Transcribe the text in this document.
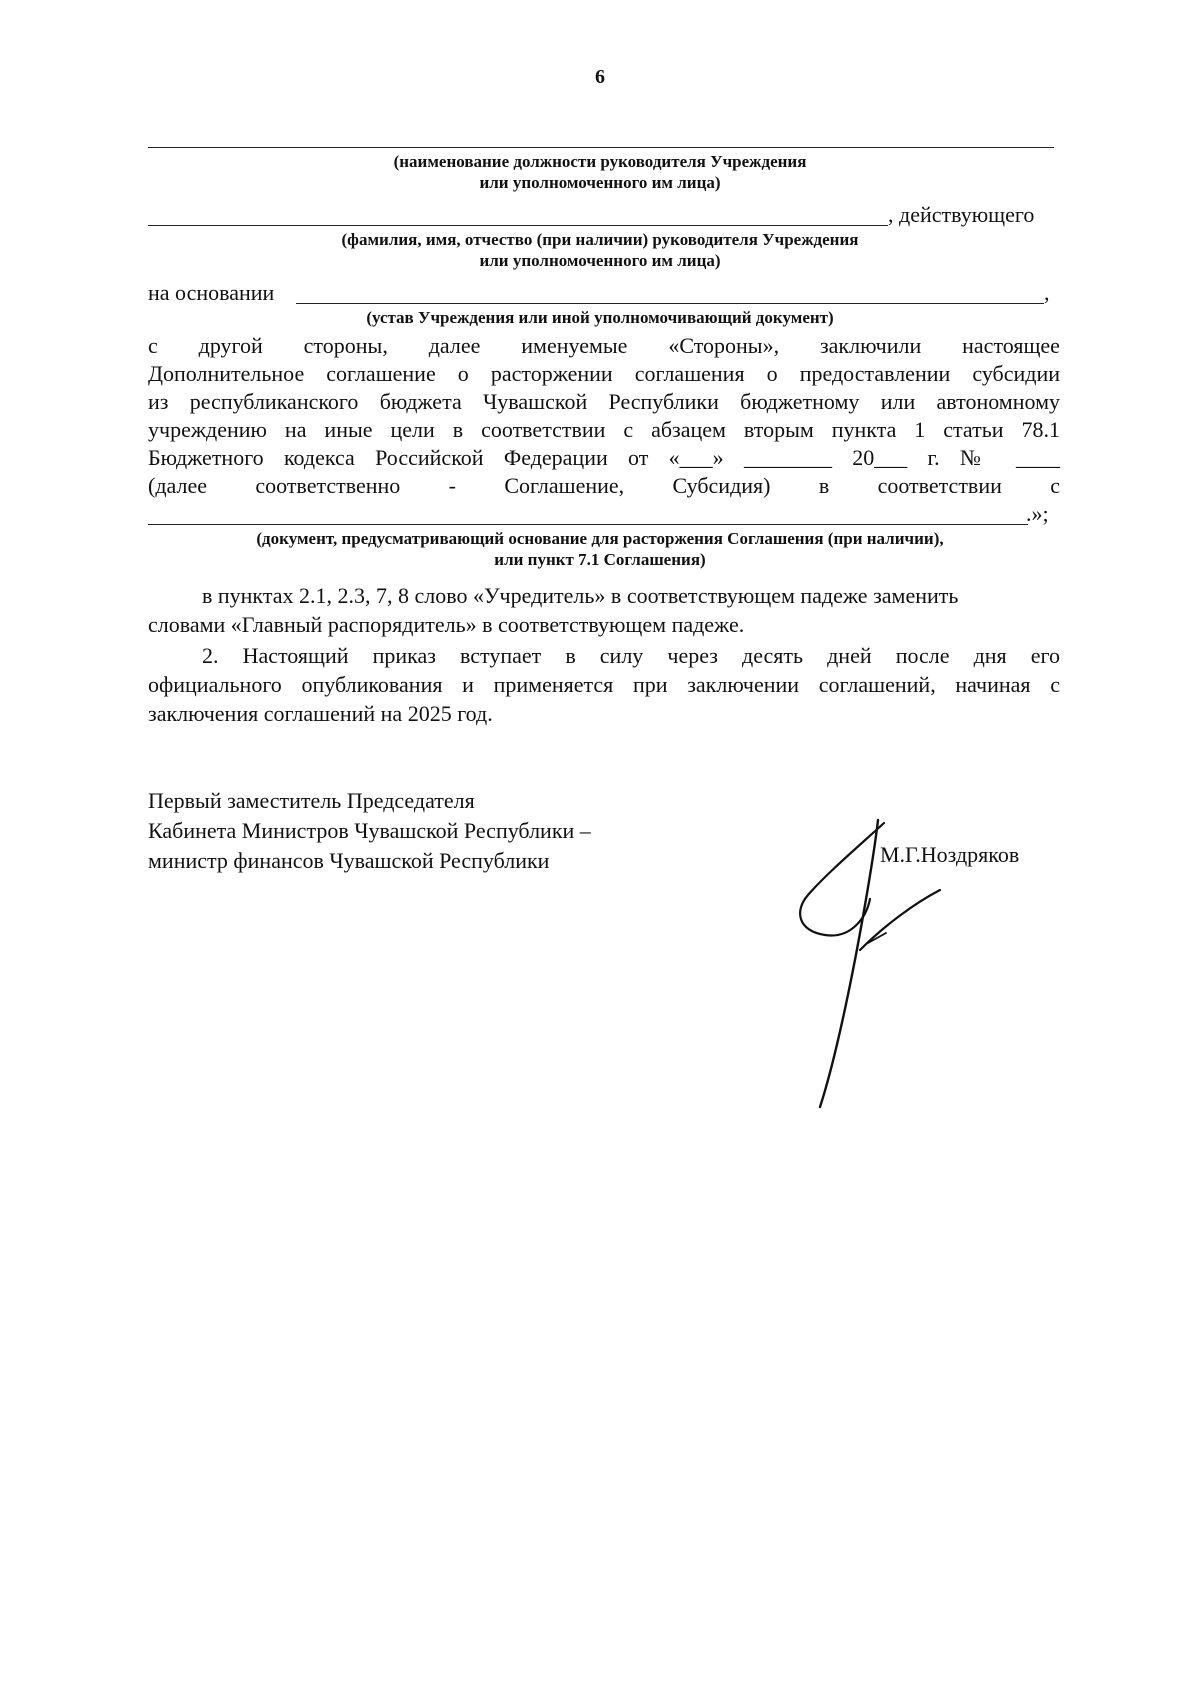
6
(наименование должности руководителя Учреждения
или уполномоченного им лица)
, действующего
(фамилия, имя, отчество (при наличии) руководителя Учреждения
или уполномоченного им лица)
на основании	,
(устав Учреждения или иной уполномочивающий документ)
с другой стороны, далее именуемые «Стороны», заключили настоящее
Дополнительное соглашение о расторжении соглашения о предоставлении субсидии
из республиканского бюджета Чувашской Республики бюджетному или автономному
учреждению на иные цели в соответствии с абзацем вторым пункта 1 статьи 78.1
Бюджетного кодекса Российской Федерации от «___» ________ 20___ г. № ____
(далее соответственно - Соглашение, Субсидия) в соответствии с
.»;
(документ, предусматривающий основание для расторжения Соглашения (при наличии),
или пункт 7.1 Соглашения)
в пунктах 2.1, 2.3, 7, 8 слово «Учредитель» в соответствующем падеже заменить
словами «Главный распорядитель» в соответствующем падеже.
2. Настоящий приказ вступает в силу через десять дней после дня его
официального опубликования и применяется при заключении соглашений, начиная с
заключения соглашений на 2025 год.
Первый заместитель Председателя
Кабинета Министров Чувашской Республики –
министр финансов Чувашской Республики	М.Г.Ноздряков
